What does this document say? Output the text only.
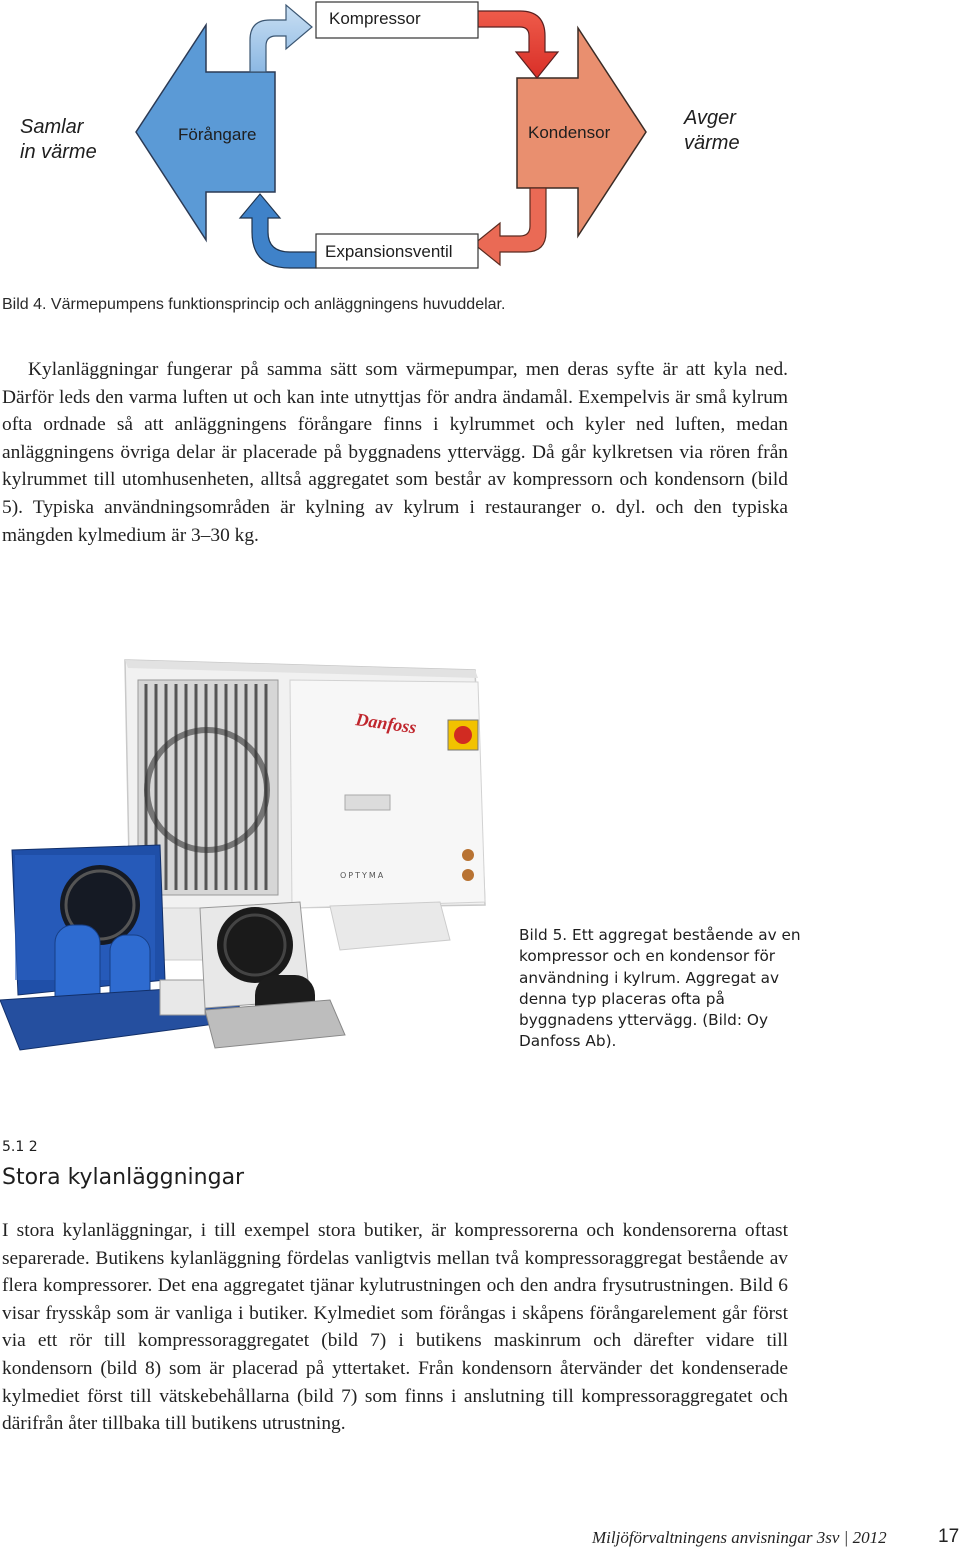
Kompressor
Expansionsventil
Förångare	Kondensor
Samlar
in värme
Avger
värme
Bild 4. Värmepumpens funktionsprincip och anläggningens huvuddelar.

Kylanläggningar fungerar på samma sätt som värmepumpar, men deras syfte är att kyla ned. Därför leds den varma luften ut och kan inte utnyttjas för andra ändamål. Exempelvis är små kylrum ofta ordnade så att anläggningens förångare finns i kylrummet och kyler ned luften, medan anläggningens övriga delar är placerade på byggnadens yttervägg. Då går kylkretsen via rören från kylrummet till utomhusenheten, alltså aggregatet som består av kompressorn och kondensorn (bild 5). Typiska användningsområden är kylning av kylrum i restauranger o. dyl. och den typiska mängden kylmedium är 3–30 kg.

Danfoss
OPTYMA
Bild 5. Ett aggregat bestående av en kompressor och en kondensor för användning i kylrum. Aggregat av denna typ placeras ofta på byggnadens yttervägg. (Bild: Oy Danfoss Ab).
5.1 2
Stora kylanläggningar

I stora kylanläggningar, i till exempel stora butiker, är kompressorerna och kondensorerna oftast separerade. Butikens kylanläggning fördelas vanligtvis mellan två kompressoraggregat bestående av flera kompressorer. Det ena aggregatet tjänar kylutrustningen och den andra frysutrustningen. Bild 6 visar frysskåp som är vanliga i butiker. Kylmediet som förångas i skåpens förångarelement går först via ett rör till kompressoraggregatet (bild 7) i butikens maskinrum och därefter vidare till kondensorn (bild 8) som är placerad på yttertaket. Från kondensorn återvänder det kondenserade kylmediet först till vätskebehållarna (bild 7) som finns i anslutning till kompressoraggregatet och därifrån åter tillbaka till butikens utrustning.

Miljöförvaltningens anvisningar 3sv | 2012	17
